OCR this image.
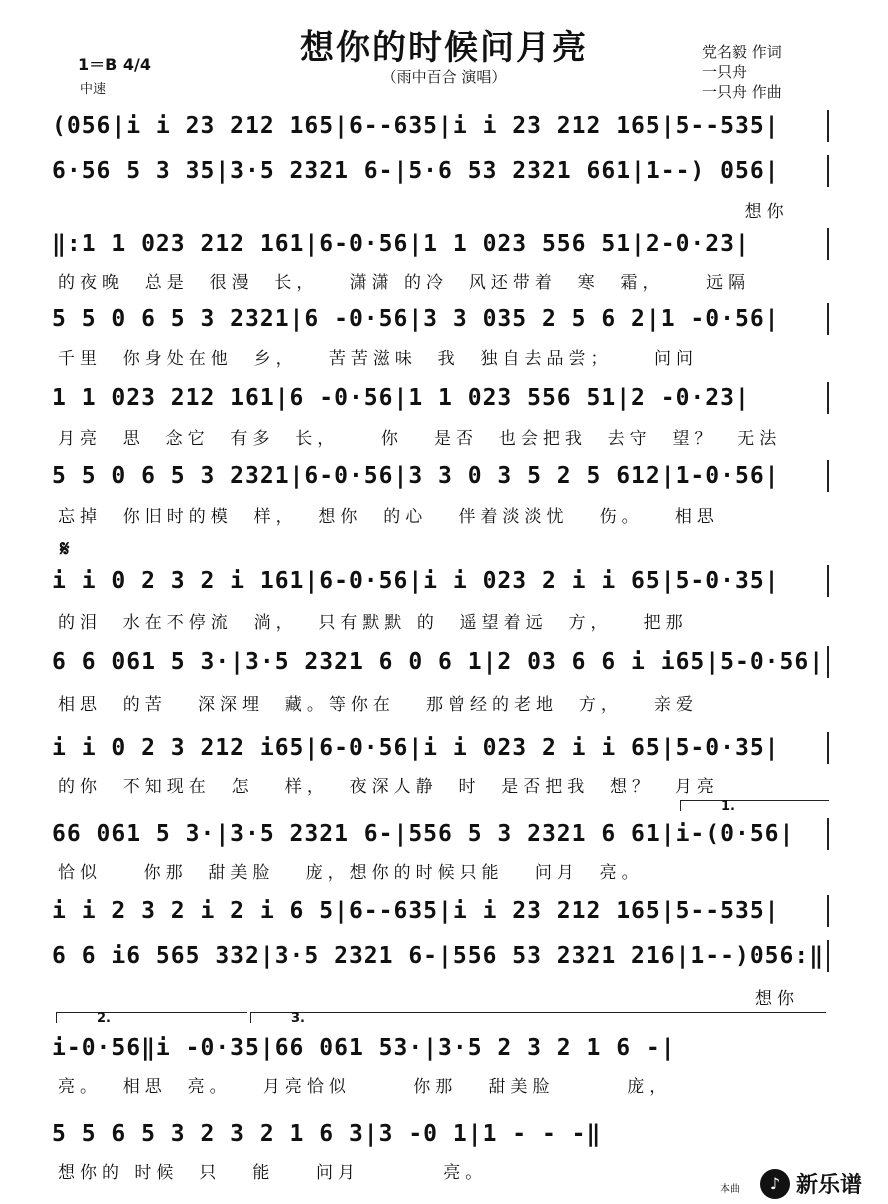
想你的时候问月亮
（雨中百合 演唱）
1＝B 4/4
中速
党名毅 作词
一只舟
一只舟 作曲
𝄋
(056|i i 23 212 165|6--635|i i 23 212 165|5--535|
6·56 5 3 35|3·5 2321 6-|5·6 53 2321 661|1--) 056|
想你
‖:1 1 023 212 161|6-0·56|1 1 023 556 51|2-0·23|
的夜晚  总是  很漫  长，   潇潇 的冷  风还带着  寒  霜，    远隔
5 5 0 6 5 3 2321|6 -0·56|3 3 035 2 5 6 2|1 -0·56|
千里  你身处在他  乡，   苦苦滋味  我  独自去品尝；    问问
1 1 023 212 161|6 -0·56|1 1 023 556 51|2 -0·23|
月亮  思  念它  有多  长，    你   是否  也会把我  去守  望？  无法
5 5 0 6 5 3 2321|6-0·56|3 3 0 3 5 2 5 612|1-0·56|
忘掉  你旧时的模  样，  想你  的心   伴着淡淡忧   伤。   相思
i i 0 2 3 2 i 161|6-0·56|i i 023 2 i i 65|5-0·35|
的泪  水在不停流  淌，  只有默默 的  遥望着远  方，   把那
6 6 061 5 3·|3·5 2321 6 0 6 1|2 03 6 6 i i65|5-0·56|
相思  的苦   深深埋  藏。等你在   那曾经的老地  方，   亲爱
i i 0 2 3 212 i65|6-0·56|i i 023 2 i i 65|5-0·35|
的你  不知现在  怎   样，  夜深人静  时  是否把我  想？  月亮
1.
66 061 5 3·|3·5 2321 6-|556 5 3 2321 6 61|i-(0·56|
恰似    你那  甜美脸   庞，想你的时候只能   问月  亮。
i i 2 3 2 i 2 i 6 5|6--635|i i 23 212 165|5--535|
6 6 i6 565 332|3·5 2321 6-|556 53 2321 216|1--)056:‖
想你
2.	3.
i-0·56‖i -0·35|66 061 53·|3·5 2 3 2 1 6 -|
亮。  相思  亮。   月亮恰似      你那   甜美脸       庞，
5 5 6 5 3 2 3 2 1 6 3|3 -0 1|1 - - -‖
想你的 时候  只   能    问月        亮。
本曲	♪ 新乐谱
